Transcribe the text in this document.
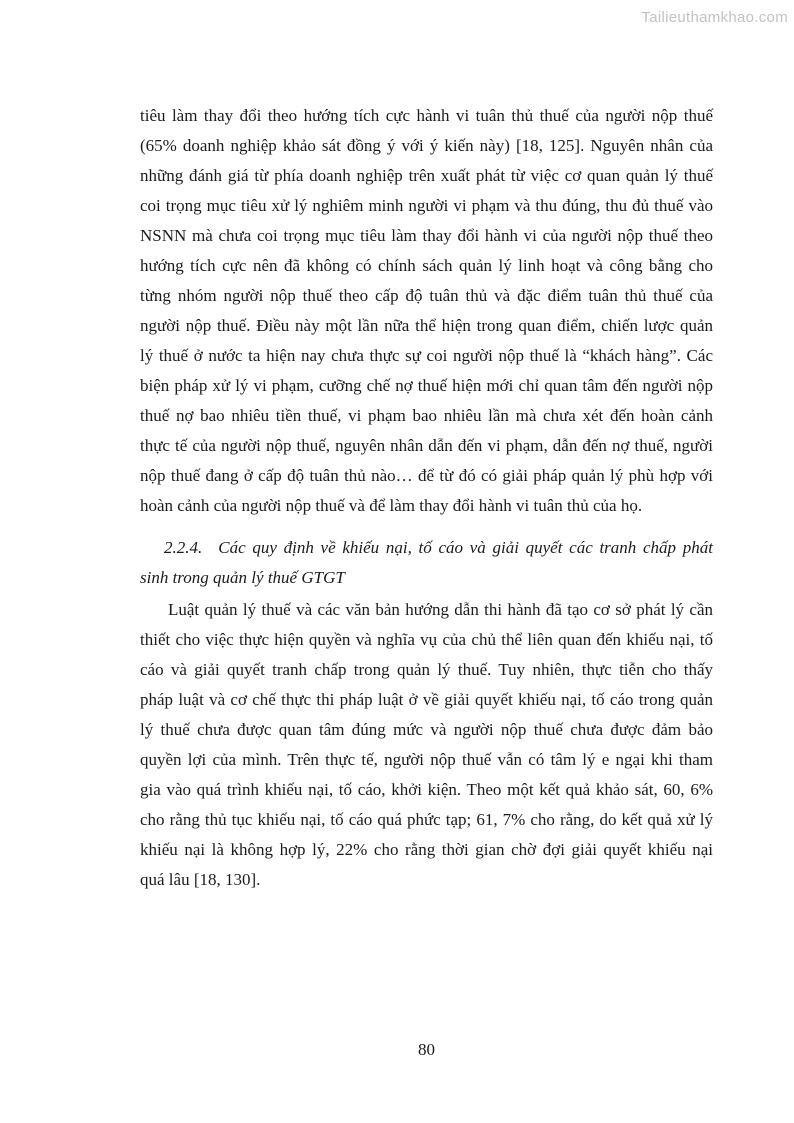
Tailieuthamkhao.com
tiêu làm thay đổi theo hướng tích cực hành vi tuân thủ thuế của người nộp thuế
(65% doanh nghiệp khảo sát đồng ý với ý kiến này) [18, 125]. Nguyên nhân của
những đánh giá từ phía doanh nghiệp trên xuất phát từ việc cơ quan quản lý thuế
coi trọng mục tiêu xử lý nghiêm minh người vi phạm và thu đúng, thu đủ thuế vào
NSNN mà chưa coi trọng mục tiêu làm thay đổi hành vi của người nộp thuế theo
hướng tích cực nên đã không có chính sách quản lý linh hoạt và công bằng cho
từng nhóm người nộp thuế theo cấp độ tuân thủ và đặc điểm tuân thủ thuế của
người nộp thuế. Điều này một lần nữa thể hiện trong quan điểm, chiến lược quản
lý thuế ở nước ta hiện nay chưa thực sự coi người nộp thuế là “khách hàng”. Các
biện pháp xử lý vi phạm, cưỡng chế nợ thuế hiện mới chỉ quan tâm đến người nộp
thuế nợ bao nhiêu tiền thuế, vi phạm bao nhiêu lần mà chưa xét đến hoàn cảnh
thực tế của người nộp thuế, nguyên nhân dẫn đến vi phạm, dẫn đến nợ thuế, người
nộp thuế đang ở cấp độ tuân thủ nào… để từ đó có giải pháp quản lý phù hợp với
hoàn cảnh của người nộp thuế và để làm thay đổi hành vi tuân thủ của họ.
2.2.4. Các quy định về khiếu nại, tố cáo và giải quyết các tranh chấp phát
sinh trong quản lý thuế GTGT
Luật quản lý thuế và các văn bản hướng dẫn thi hành đã tạo cơ sở phát lý cần
thiết cho việc thực hiện quyền và nghĩa vụ của chủ thể liên quan đến khiếu nại, tố
cáo và giải quyết tranh chấp trong quản lý thuế. Tuy nhiên, thực tiễn cho thấy
pháp luật và cơ chế thực thi pháp luật ở về giải quyết khiếu nại, tố cáo trong quản
lý thuế chưa được quan tâm đúng mức và người nộp thuế chưa được đảm bảo
quyền lợi của mình. Trên thực tế, người nộp thuế vẫn có tâm lý e ngại khi tham
gia vào quá trình khiếu nại, tố cáo, khởi kiện. Theo một kết quả khảo sát, 60, 6%
cho rằng thủ tục khiếu nại, tố cáo quá phức tạp; 61, 7% cho rằng, do kết quả xử lý
khiếu nại là không hợp lý, 22% cho rằng thời gian chờ đợi giải quyết khiếu nại
quá lâu [18, 130].
80
